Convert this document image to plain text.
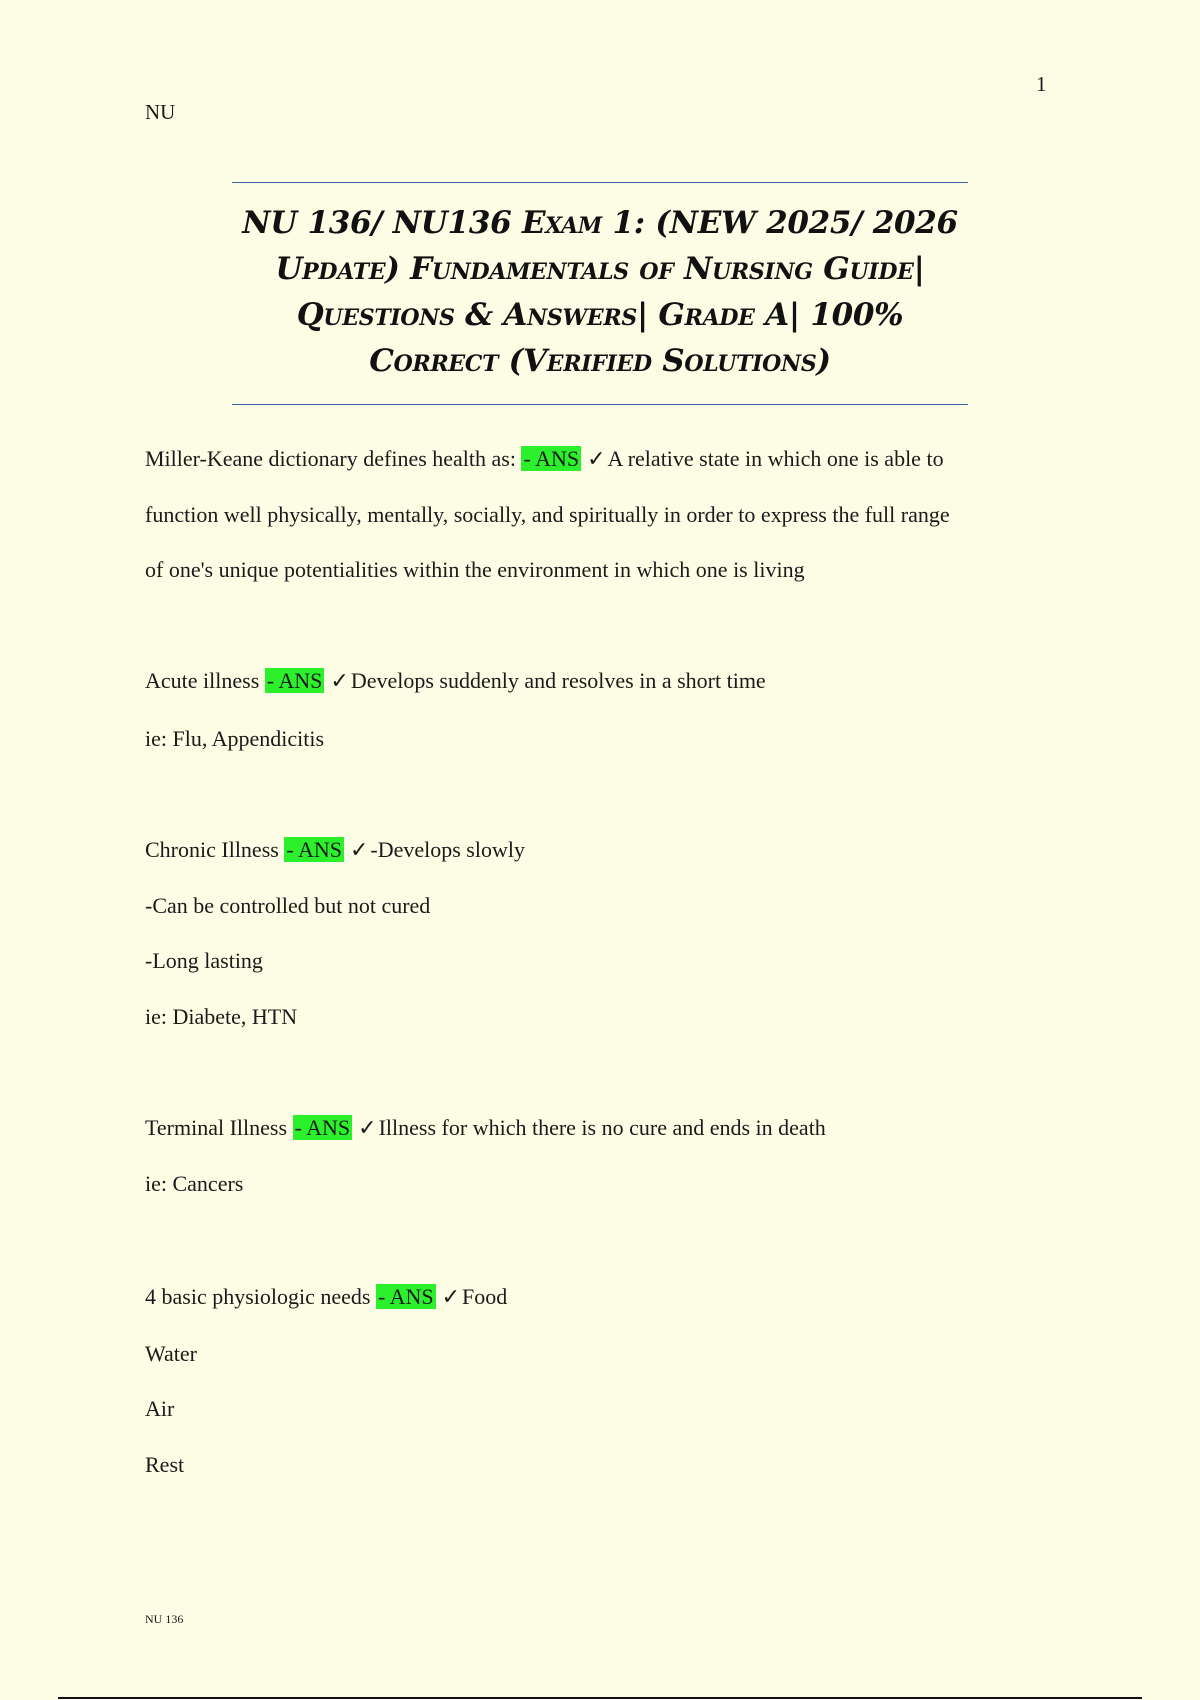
1
NU
NU 136/ NU136 Exam 1: (NEW 2025/ 2026
Update) Fundamentals of Nursing Guide|
Questions & Answers| Grade A| 100%
Correct (Verified Solutions)
Miller-Keane dictionary defines health as: - ANS ✓A relative state in which one is able to
function well physically, mentally, socially, and spiritually in order to express the full range
of one's unique potentialities within the environment in which one is living
Acute illness - ANS ✓Develops suddenly and resolves in a short time
ie: Flu, Appendicitis
Chronic Illness - ANS ✓-Develops slowly
-Can be controlled but not cured
-Long lasting
ie: Diabete, HTN
Terminal Illness - ANS ✓Illness for which there is no cure and ends in death
ie: Cancers
4 basic physiologic needs - ANS ✓Food
Water
Air
Rest
NU 136
